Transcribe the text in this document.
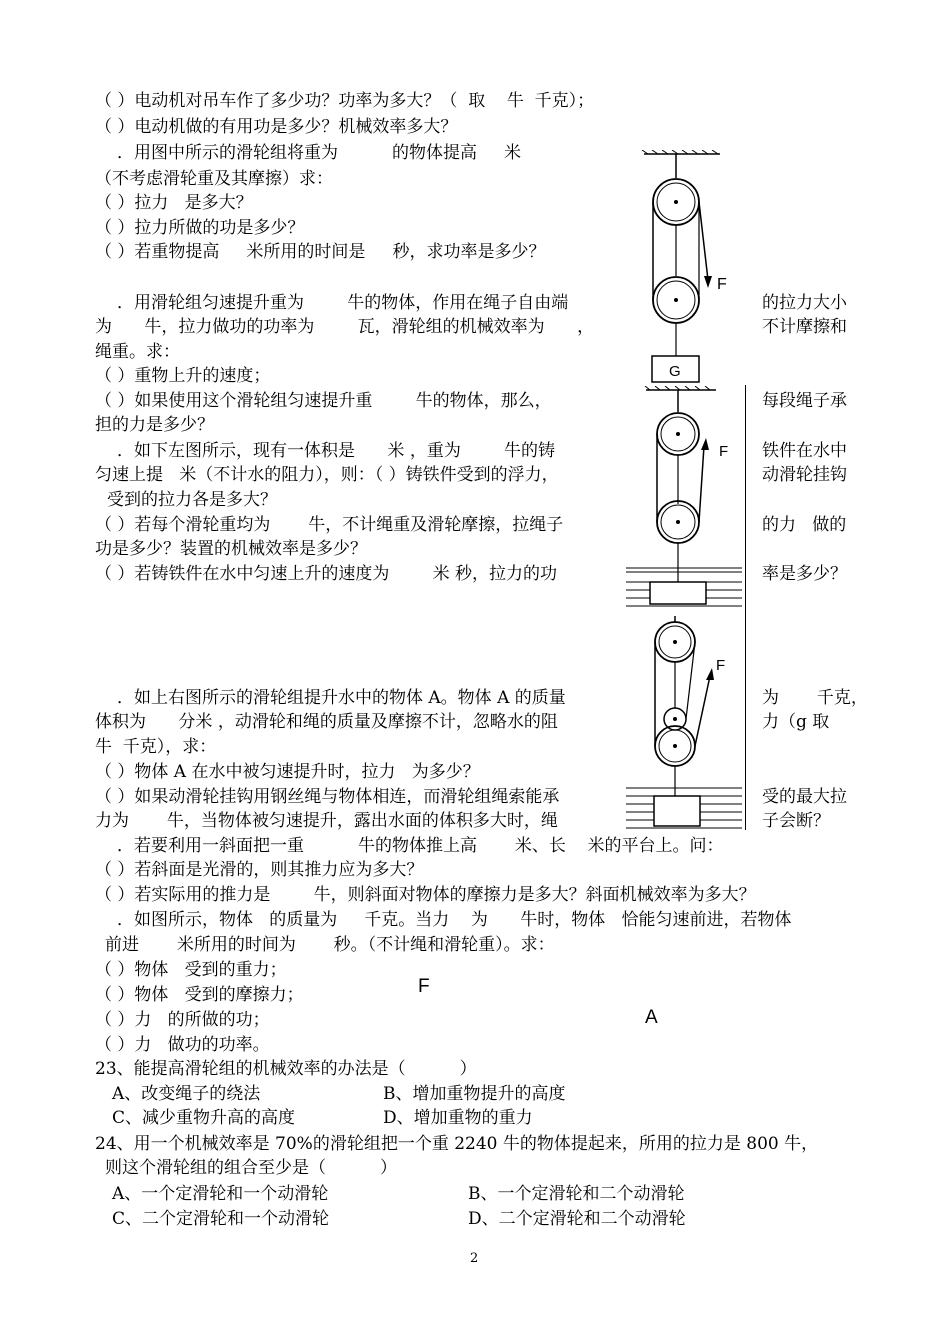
（ ）电动机对吊车作了多少功？功率为多大？（  取    牛  千克）；
（ ）电动机做的有用功是多少？机械效率多大？
．用图中所示的滑轮组将重为          的物体提高     米
（不考虑滑轮重及其摩擦）求：
（ ）拉力   是多大？
（ ）拉力所做的功是多少？
（ ）若重物提高     米所用的时间是     秒，求功率是多少？
．用滑轮组匀速提升重为        牛的物体，作用在绳子自由端	的拉力大小
为      牛，拉力做功的功率为        瓦，滑轮组的机械效率为      ，	不计摩擦和
绳重。求：
（ ）重物上升的速度；
（ ）如果使用这个滑轮组匀速提升重        牛的物体，那么，	每段绳子承
担的力是多少？
．如下左图所示，现有一体积是      米 ，重为        牛的铸	铁件在水中
匀速上提   米（不计水的阻力），则：（ ）铸铁件受到的浮力，	动滑轮挂钩
受到的拉力各是多大？
（ ）若每个滑轮重均为       牛，不计绳重及滑轮摩擦，拉绳子	的力   做的
功是多少？装置的机械效率是多少？
（ ）若铸铁件在水中匀速上升的速度为        米 秒，拉力的功	率是多少？
．如上右图所示的滑轮组提升水中的物体 A。物体 A 的质量	为       千克，
体积为      分米 ，动滑轮和绳的质量及摩擦不计，忽略水的阻	力（g 取
牛  千克），求：
（ ）物体 A 在水中被匀速提升时，拉力   为多少？
（ ）如果动滑轮挂钩用钢丝绳与物体相连，而滑轮组绳索能承	受的最大拉
力为       牛，当物体被匀速提升，露出水面的体积多大时，绳	子会断？
．若要利用一斜面把一重          牛的物体推上高       米、长    米的平台上。问：
（ ）若斜面是光滑的，则其推力应为多大？
（ ）若实际用的推力是        牛，则斜面对物体的摩擦力是多大？斜面机械效率为多大？
．如图所示，物体   的质量为     千克。当力    为      牛时，物体   恰能匀速前进，若物体
前进       米所用的时间为       秒。（不计绳和滑轮重）。求：
（ ）物体   受到的重力；
（ ）物体   受到的摩擦力；
（ ）力   的所做的功；
（ ）力   做功的功率。
23、能提高滑轮组的机械效率的办法是（          ）
A、改变绳子的绕法	B、增加重物提升的高度
C、减少重物升高的高度	D、增加重物的重力
24、用一个机械效率是 70%的滑轮组把一个重 2240 牛的物体提起来，所用的拉力是 800 牛，
则这个滑轮组的组合至少是（          ）
A、一个定滑轮和一个动滑轮	B、一个定滑轮和二个动滑轮
C、二个定滑轮和一个动滑轮	D、二个定滑轮和二个动滑轮
2
F
A
F
G
F
F
